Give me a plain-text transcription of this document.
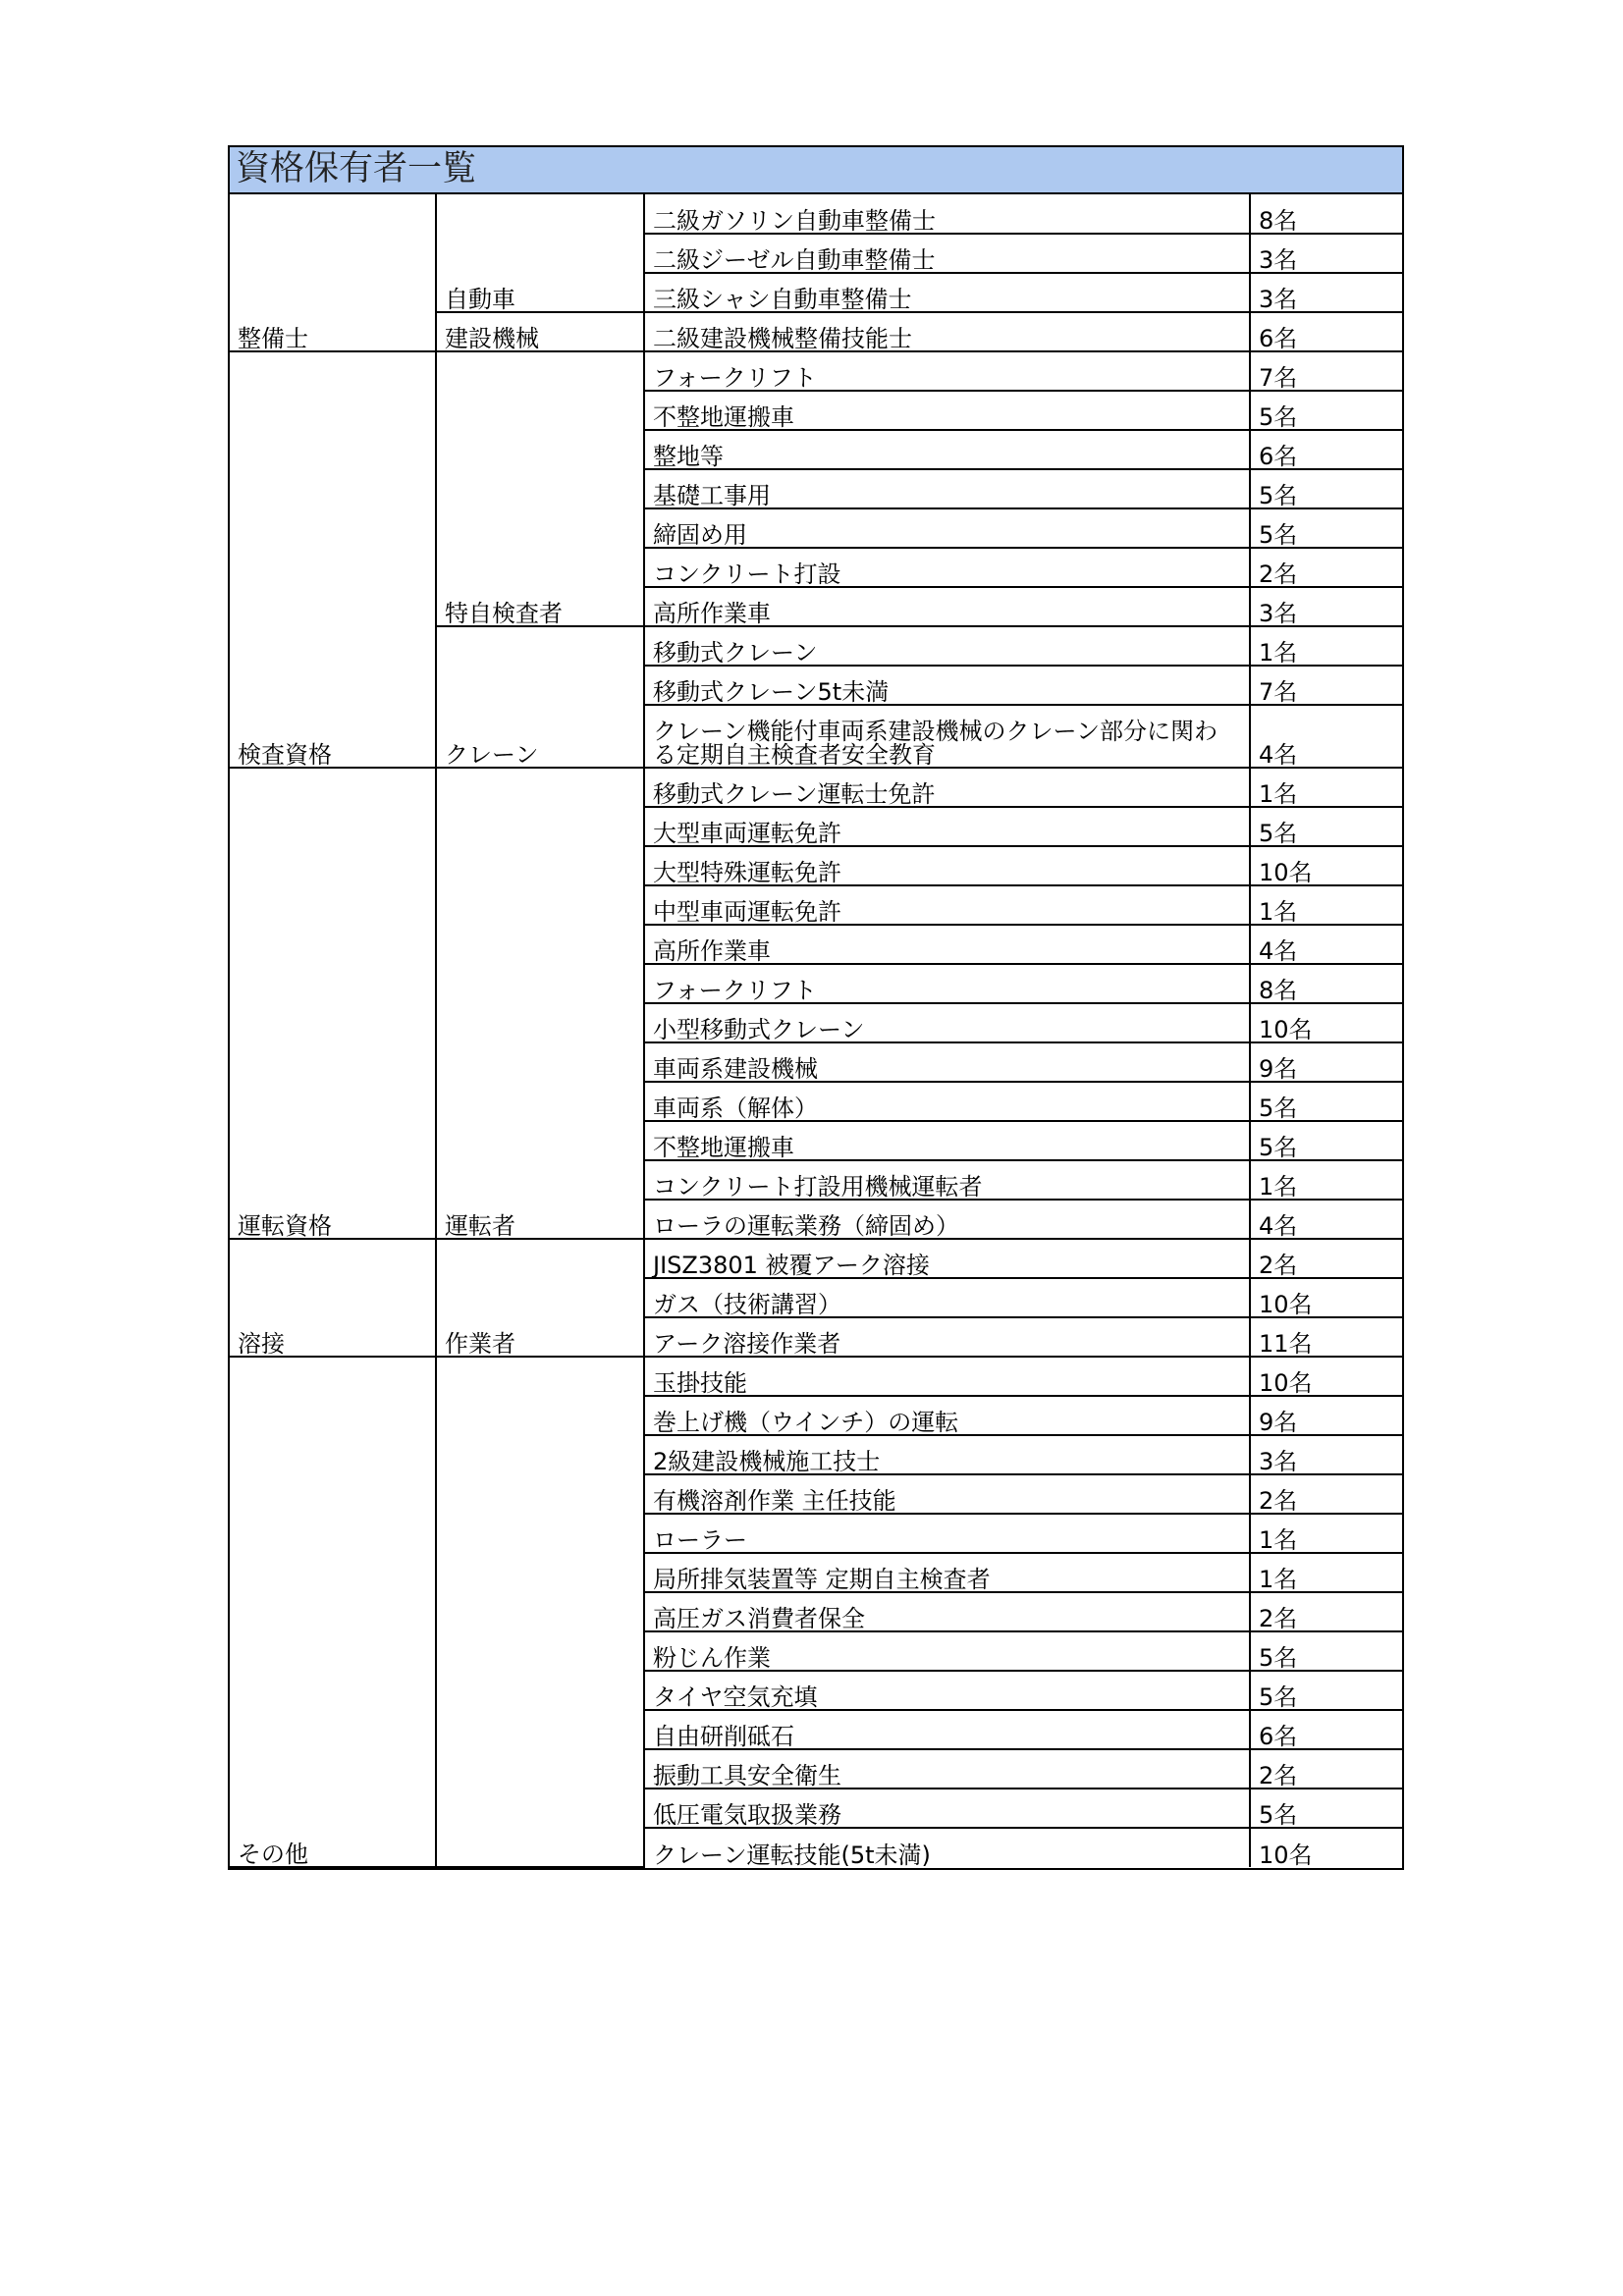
資格保有者一覧
整備士	自動車	二級ガソリン自動車整備士	8名
		二級ジーゼル自動車整備士	3名
		三級シャシ自動車整備士	3名
	建設機械	二級建設機械整備技能士	6名
検査資格	特自検査者	フォークリフト	7名
		不整地運搬車	5名
		整地等	6名
		基礎工事用	5名
		締固め用	5名
		コンクリート打設	2名
		高所作業車	3名
	クレーン	移動式クレーン	1名
		移動式クレーン5t未満	7名
		クレーン機能付車両系建設機械のクレーン部分に関わる定期自主検査者安全教育	4名
運転資格	運転者	移動式クレーン運転士免許	1名
		大型車両運転免許	5名
		大型特殊運転免許	10名
		中型車両運転免許	1名
		高所作業車	4名
		フォークリフト	8名
		小型移動式クレーン	10名
		車両系建設機械	9名
		車両系（解体）	5名
		不整地運搬車	5名
		コンクリート打設用機械運転者	1名
		ローラの運転業務（締固め）	4名
溶接	作業者	JISZ3801 被覆アーク溶接	2名
		ガス（技術講習）	10名
		アーク溶接作業者	11名
その他		玉掛技能	10名
		巻上げ機（ウインチ）の運転	9名
		2級建設機械施工技士	3名
		有機溶剤作業 主任技能	2名
		ローラー	1名
		局所排気装置等 定期自主検査者	1名
		高圧ガス消費者保全	2名
		粉じん作業	5名
		タイヤ空気充填	5名
		自由研削砥石	6名
		振動工具安全衛生	2名
		低圧電気取扱業務	5名
		クレーン運転技能(5t未満)	10名
